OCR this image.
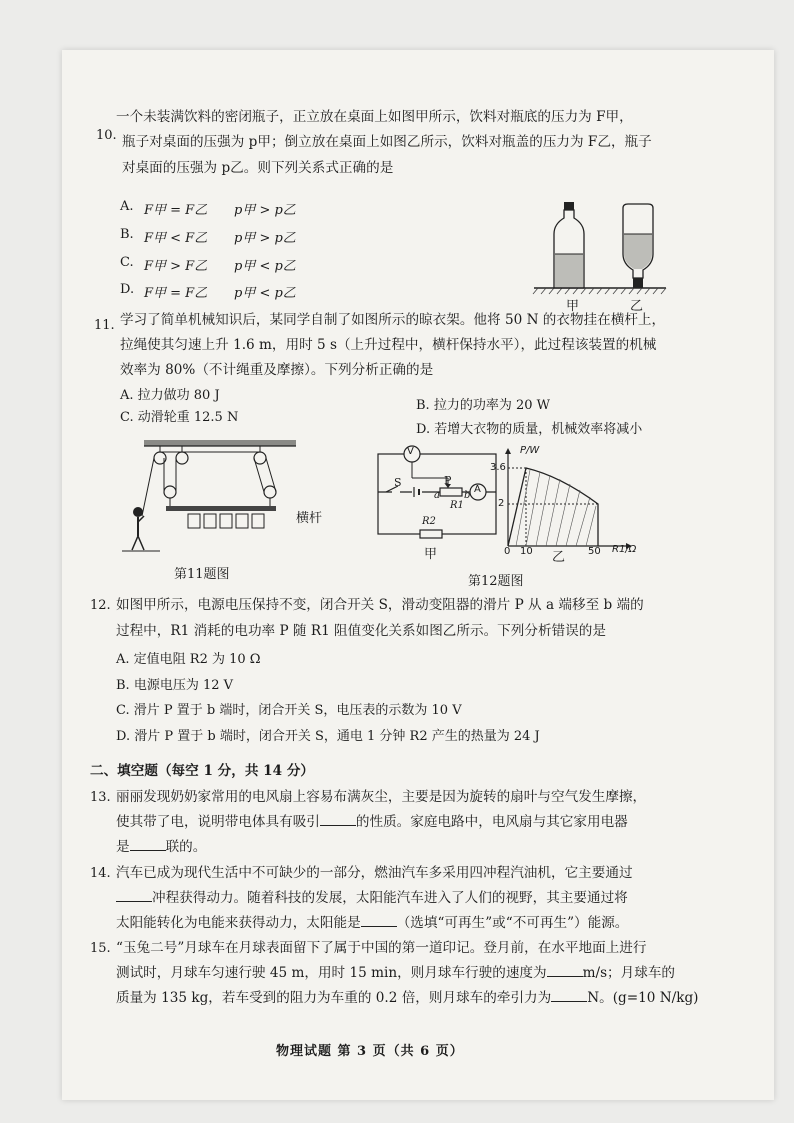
10.
一个未装满饮料的密闭瓶子，正立放在桌面上如图甲所示，饮料对瓶底的压力为 F甲，
瓶子对桌面的压强为 p甲；倒立放在桌面上如图乙所示，饮料对瓶盖的压力为 F乙，瓶子
对桌面的压强为 p乙。则下列关系式正确的是
A. F甲 = F乙 p甲 > p乙
B. F甲 < F乙 p甲 > p乙
C. F甲 > F乙 p甲 < p乙
D. F甲 = F乙 p甲 < p乙
甲	乙
11. 学习了简单机械知识后，某同学自制了如图所示的晾衣架。他将 50 N 的衣物挂在横杆上，
拉绳使其匀速上升 1.6 m，用时 5 s（上升过程中，横杆保持水平），此过程该装置的机械
效率为 80%（不计绳重及摩擦）。下列分析正确的是
A. 拉力做功 80 J
B. 拉力的功率为 20 W
C. 动滑轮重 12.5 N
D. 若增大衣物的质量，机械效率将减小
横杆
第11题图
V
A
S	P
a b
R1
R2
甲
P/W
3.6
2
0 10	50 R1/Ω
乙
第12题图
12. 如图甲所示，电源电压保持不变，闭合开关 S，滑动变阻器的滑片 P 从 a 端移至 b 端的
过程中，R1 消耗的电功率 P 随 R1 阻值变化关系如图乙所示。下列分析错误的是
A. 定值电阻 R2 为 10 Ω
B. 电源电压为 12 V
C. 滑片 P 置于 b 端时，闭合开关 S，电压表的示数为 10 V
D. 滑片 P 置于 b 端时，闭合开关 S，通电 1 分钟 R2 产生的热量为 24 J
二、填空题（每空 1 分，共 14 分）
13. 丽丽发现奶奶家常用的电风扇上容易布满灰尘，主要是因为旋转的扇叶与空气发生摩擦，
使其带了电，说明带电体具有吸引	的性质。家庭电路中，电风扇与其它家用电器
是	联的。
14. 汽车已成为现代生活中不可缺少的一部分，燃油汽车多采用四冲程汽油机，它主要通过
冲程获得动力。随着科技的发展，太阳能汽车进入了人们的视野，其主要通过将
太阳能转化为电能来获得动力，太阳能是	（选填“可再生”或“不可再生”）能源。
15. “玉兔二号”月球车在月球表面留下了属于中国的第一道印记。登月前，在水平地面上进行
测试时，月球车匀速行驶 45 m，用时 15 min，则月球车行驶的速度为	m/s；月球车的
质量为 135 kg，若车受到的阻力为车重的 0.2 倍，则月球车的牵引力为	N。(g=10 N/kg)
物理试题 第 3 页（共 6 页）
